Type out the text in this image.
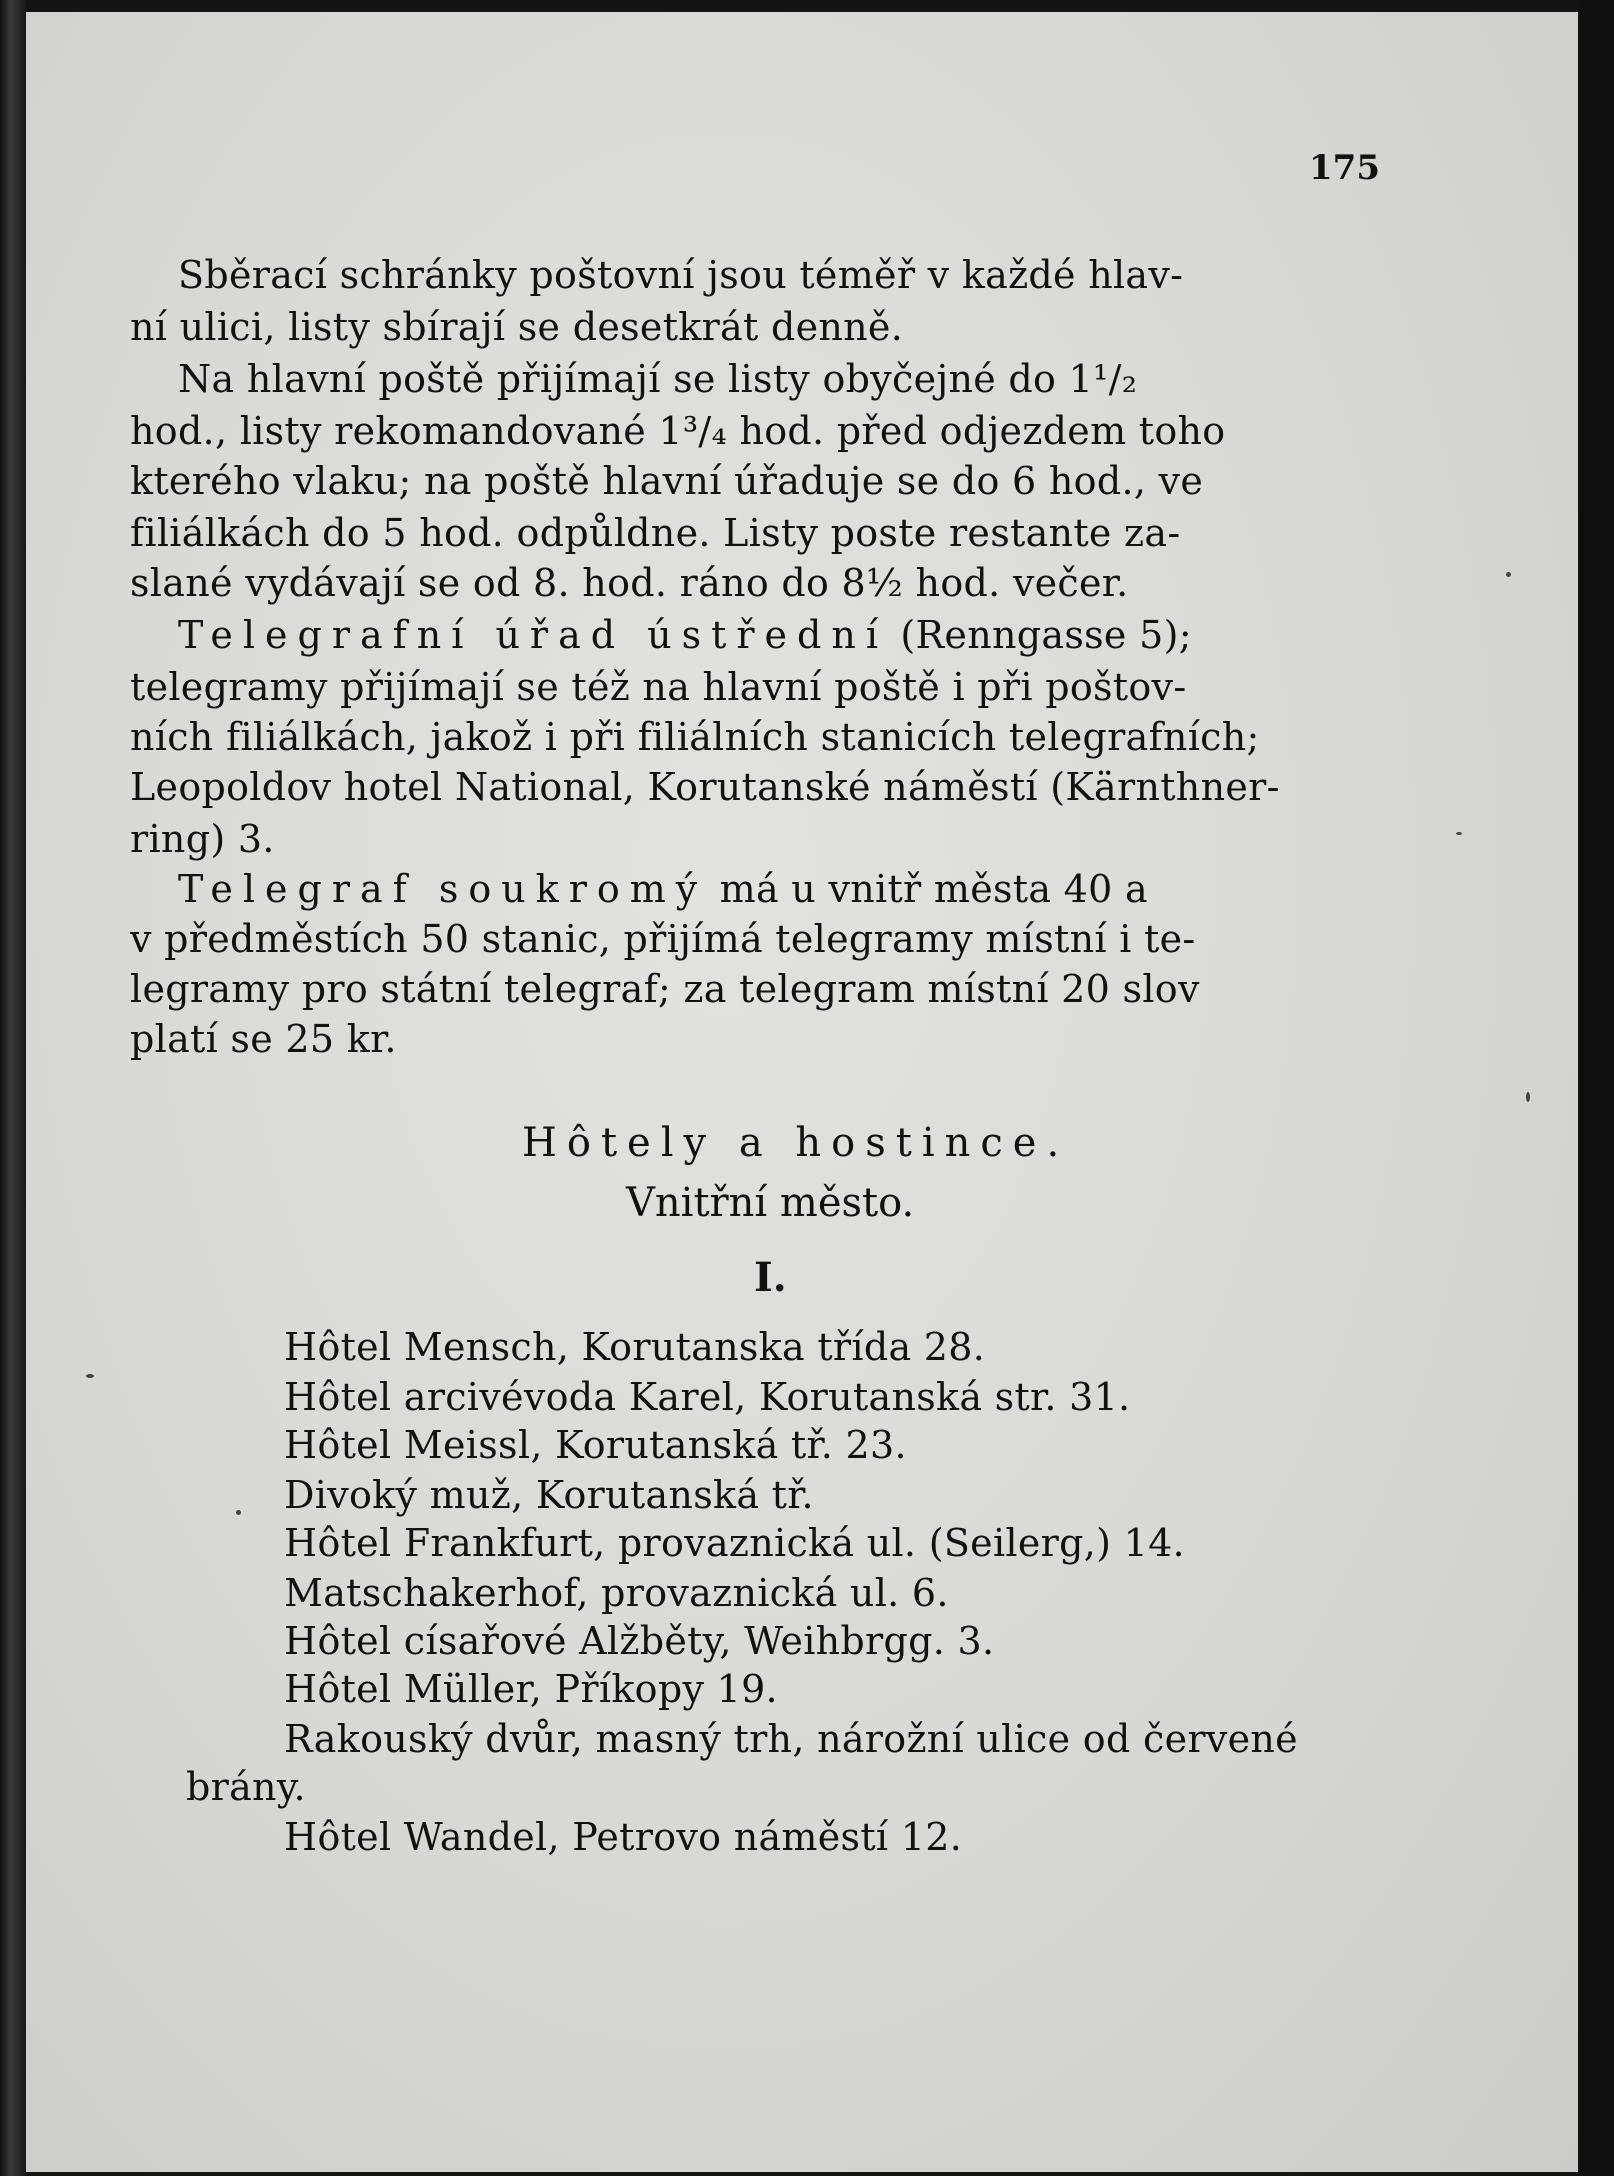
175
Sběrací schránky poštovní jsou téměř v každé hlav-
ní ulici, listy sbírají se desetkrát denně.
Na hlavní poště přijímají se listy obyčejné do 1¹/₂
hod., listy rekomandované 1³/₄ hod. před odjezdem toho
kterého vlaku; na poště hlavní úřaduje se do 6 hod., ve
filiálkách do 5 hod. odpůldne. Listy poste restante za-
slané vydávají se od 8. hod. ráno do 8½ hod. večer.
Telegrafní úřad ústřední (Renngasse 5);
telegramy přijímají se též na hlavní poště i při poštov-
ních filiálkách, jakož i při filiálních stanicích telegrafních;
Leopoldov hotel National, Korutanské náměstí (Kärnthner-
ring) 3.
Telegraf soukromý má u vnitř města 40 a
v předměstích 50 stanic, přijímá telegramy místní i te-
legramy pro státní telegraf; za telegram místní 20 slov
platí se 25 kr.
Hôtely a hostince.
Vnitřní město.
I.
Hôtel Mensch, Korutanska třída 28.
Hôtel arcivévoda Karel, Korutanská str. 31.
Hôtel Meissl, Korutanská tř. 23.
Divoký muž, Korutanská tř.
Hôtel Frankfurt, provaznická ul. (Seilerg,) 14.
Matschakerhof, provaznická ul. 6.
Hôtel císařové Alžběty, Weihbrgg. 3.
Hôtel Müller, Příkopy 19.
Rakouský dvůr, masný trh, nárožní ulice od červené
brány.
Hôtel Wandel, Petrovo náměstí 12.
